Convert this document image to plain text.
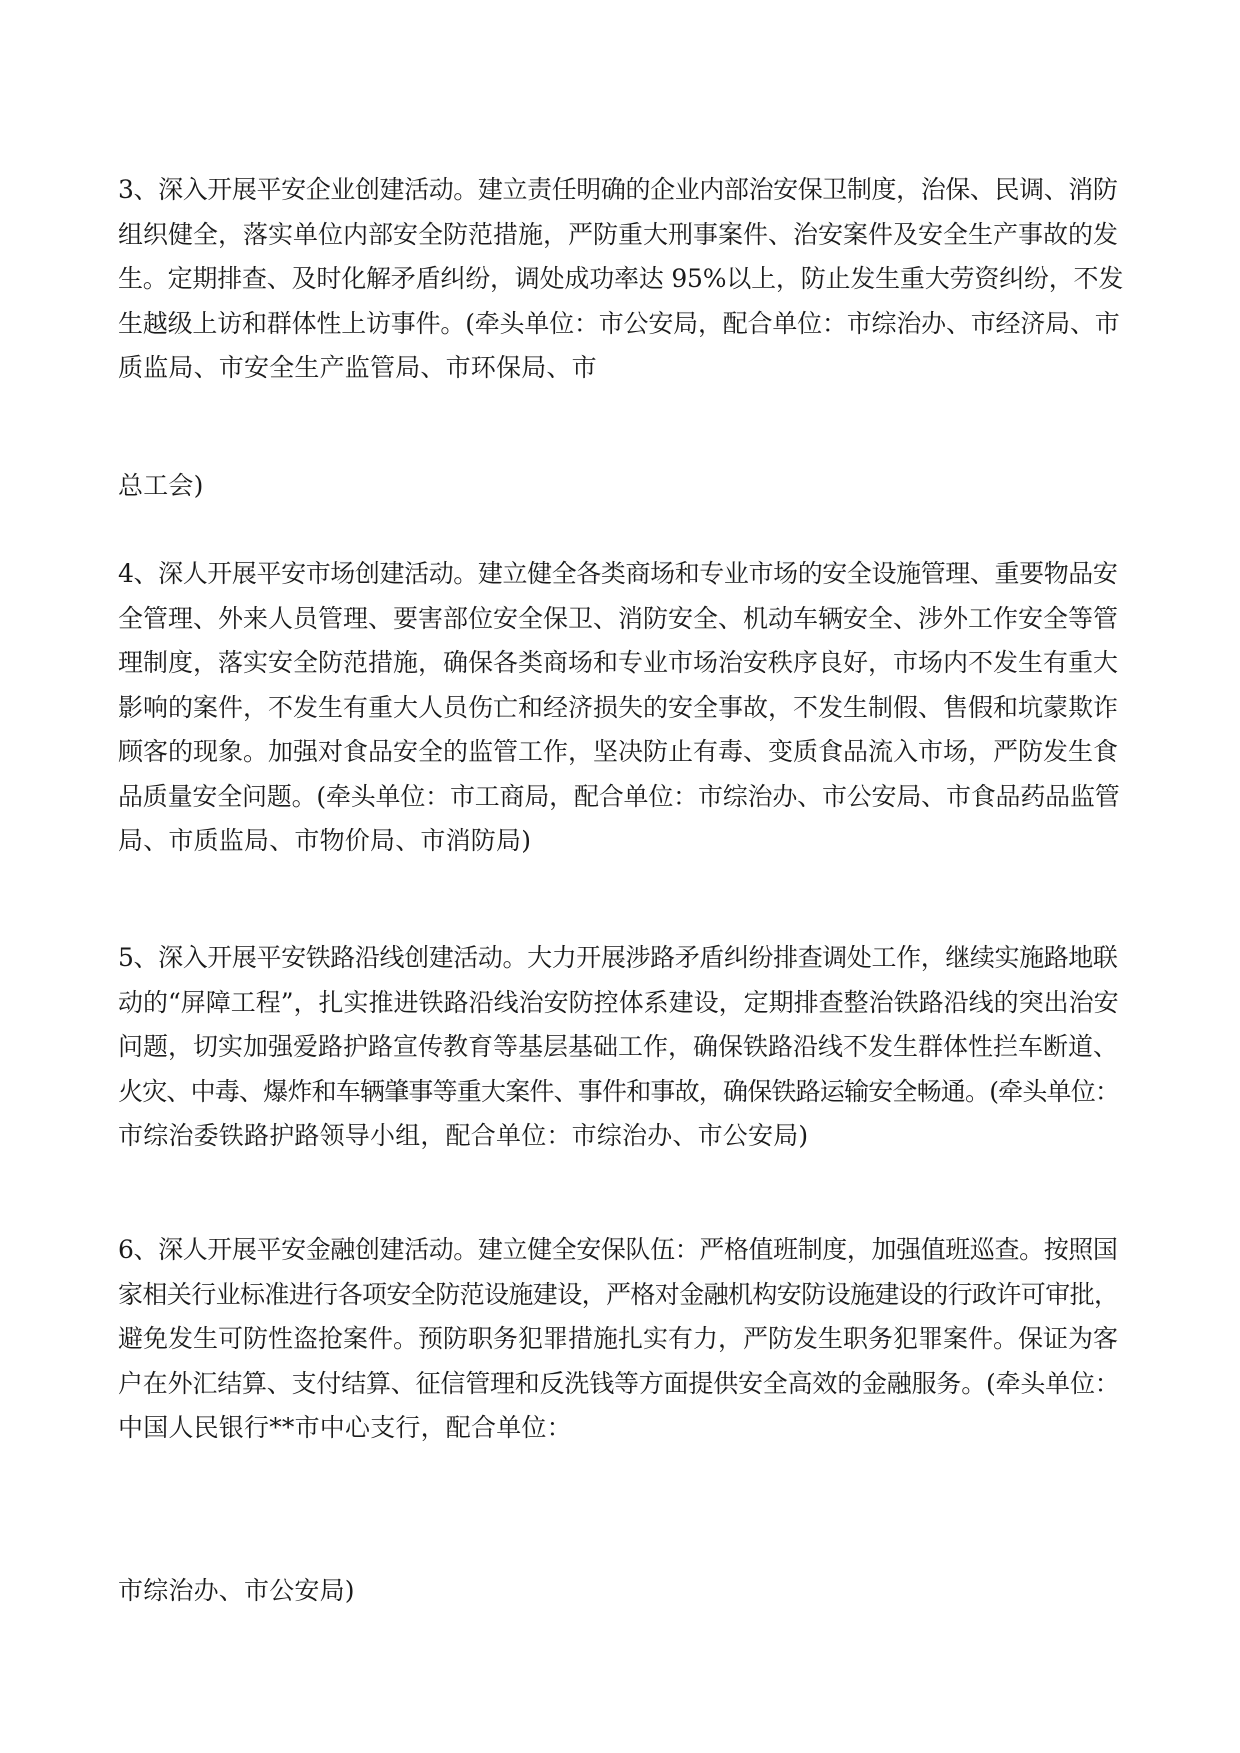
3、深入开展平安企业创建活动。建立责任明确的企业内部治安保卫制度，治保、民调、消防
组织健全，落实单位内部安全防范措施，严防重大刑事案件、治安案件及安全生产事故的发
生。定期排查、及时化解矛盾纠纷，调处成功率达 95%以上，防止发生重大劳资纠纷，不发
生越级上访和群体性上访事件。(牵头单位：市公安局，配合单位：市综治办、市经济局、市
质监局、市安全生产监管局、市环保局、市

总工会)

4、深人开展平安市场创建活动。建立健全各类商场和专业市场的安全设施管理、重要物品安
全管理、外来人员管理、要害部位安全保卫、消防安全、机动车辆安全、涉外工作安全等管
理制度，落实安全防范措施，确保各类商场和专业市场治安秩序良好，市场内不发生有重大
影响的案件，不发生有重大人员伤亡和经济损失的安全事故，不发生制假、售假和坑蒙欺诈
顾客的现象。加强对食品安全的监管工作，坚决防止有毒、变质食品流入市场，严防发生食
品质量安全问题。(牵头单位：市工商局，配合单位：市综治办、市公安局、市食品药品监管
局、市质监局、市物价局、市消防局)

5、深入开展平安铁路沿线创建活动。大力开展涉路矛盾纠纷排查调处工作，继续实施路地联
动的“屏障工程”，扎实推进铁路沿线治安防控体系建设，定期排查整治铁路沿线的突出治安
问题，切实加强爱路护路宣传教育等基层基础工作，确保铁路沿线不发生群体性拦车断道、
火灾、中毒、爆炸和车辆肇事等重大案件、事件和事故，确保铁路运输安全畅通。(牵头单位：
市综治委铁路护路领导小组，配合单位：市综治办、市公安局)

6、深人开展平安金融创建活动。建立健全安保队伍：严格值班制度，加强值班巡查。按照国
家相关行业标准进行各项安全防范设施建设，严格对金融机构安防设施建设的行政许可审批，
避免发生可防性盗抢案件。预防职务犯罪措施扎实有力，严防发生职务犯罪案件。保证为客
户在外汇结算、支付结算、征信管理和反洗钱等方面提供安全高效的金融服务。(牵头单位：
中国人民银行**市中心支行，配合单位：

市综治办、市公安局)
